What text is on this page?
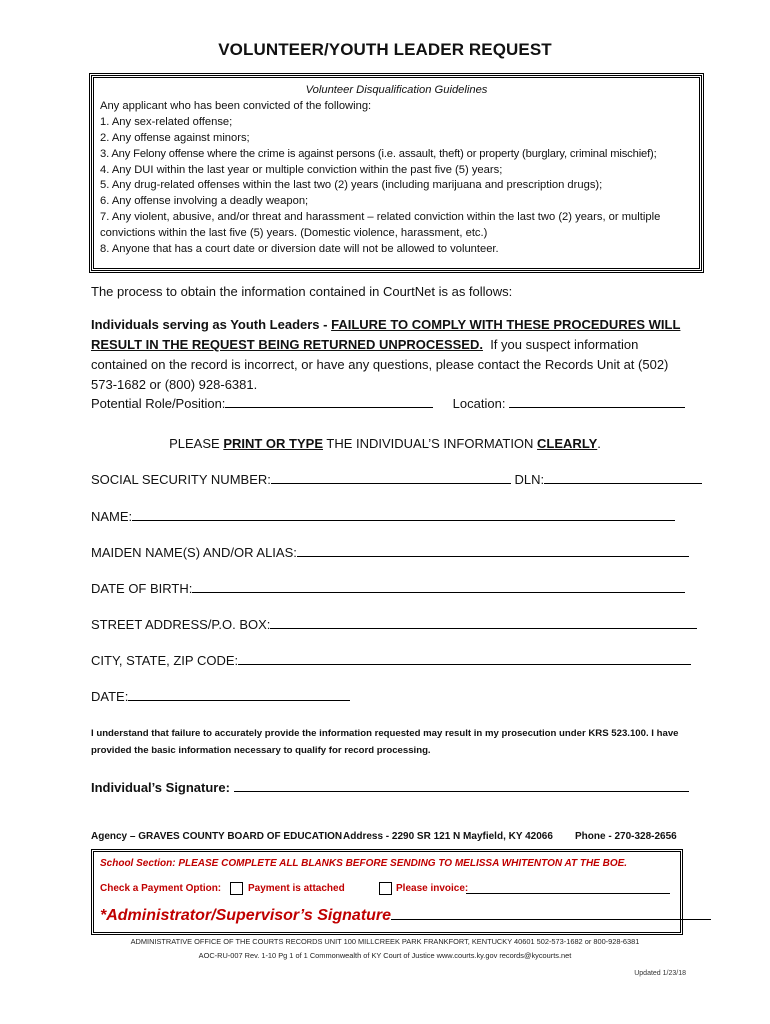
VOLUNTEER/YOUTH LEADER REQUEST
Volunteer Disqualification Guidelines
Any applicant who has been convicted of the following:
1. Any sex-related offense;
2. Any offense against minors;
3. Any Felony offense where the crime is against persons (i.e. assault, theft) or property (burglary, criminal mischief);
4. Any DUI within the last year or multiple conviction within the past five (5) years;
5. Any drug-related offenses within the last two (2) years (including marijuana and prescription drugs);
6. Any offense involving a deadly weapon;
7. Any violent, abusive, and/or threat and harassment – related conviction within the last two (2) years, or multiple convictions within the last five (5) years. (Domestic violence, harassment, etc.)
8. Anyone that has a court date or diversion date will not be allowed to volunteer.
The process to obtain the information contained in CourtNet is as follows:
Individuals serving as Youth Leaders - FAILURE TO COMPLY WITH THESE PROCEDURES WILL RESULT IN THE REQUEST BEING RETURNED UNPROCESSED.  If you suspect information contained on the record is incorrect, or have any questions, please contact the Records Unit at (502) 573-1682 or (800) 928-6381.
Potential Role/Position:	Location:
PLEASE PRINT OR TYPE THE INDIVIDUAL’S INFORMATION CLEARLY.
SOCIAL SECURITY NUMBER:	DLN:
NAME:
MAIDEN NAME(S) AND/OR ALIAS:
DATE OF BIRTH:
STREET ADDRESS/P.O. BOX:
CITY, STATE, ZIP CODE:
DATE:
I understand that failure to accurately provide the information requested may result in my prosecution under KRS 523.100. I have provided the basic information necessary to qualify for record processing.
Individual’s Signature:
Agency – GRAVES COUNTY BOARD OF EDUCATION Address - 2290 SR 121 N Mayfield, KY 42066 Phone - 270-328-2656
School Section: PLEASE COMPLETE ALL BLANKS BEFORE SENDING TO MELISSA WHITENTON AT THE BOE.
Check a Payment Option:	Payment is attached	Please invoice:
*Administrator/Supervisor’s Signature
ADMINISTRATIVE OFFICE OF THE COURTS RECORDS UNIT 100 MILLCREEK PARK FRANKFORT, KENTUCKY 40601 502-573-1682 or 800-928-6381
AOC-RU-007 Rev. 1-10 Pg 1 of 1 Commonwealth of KY Court of Justice www.courts.ky.gov records@kycourts.net
Updated 1/23/18
